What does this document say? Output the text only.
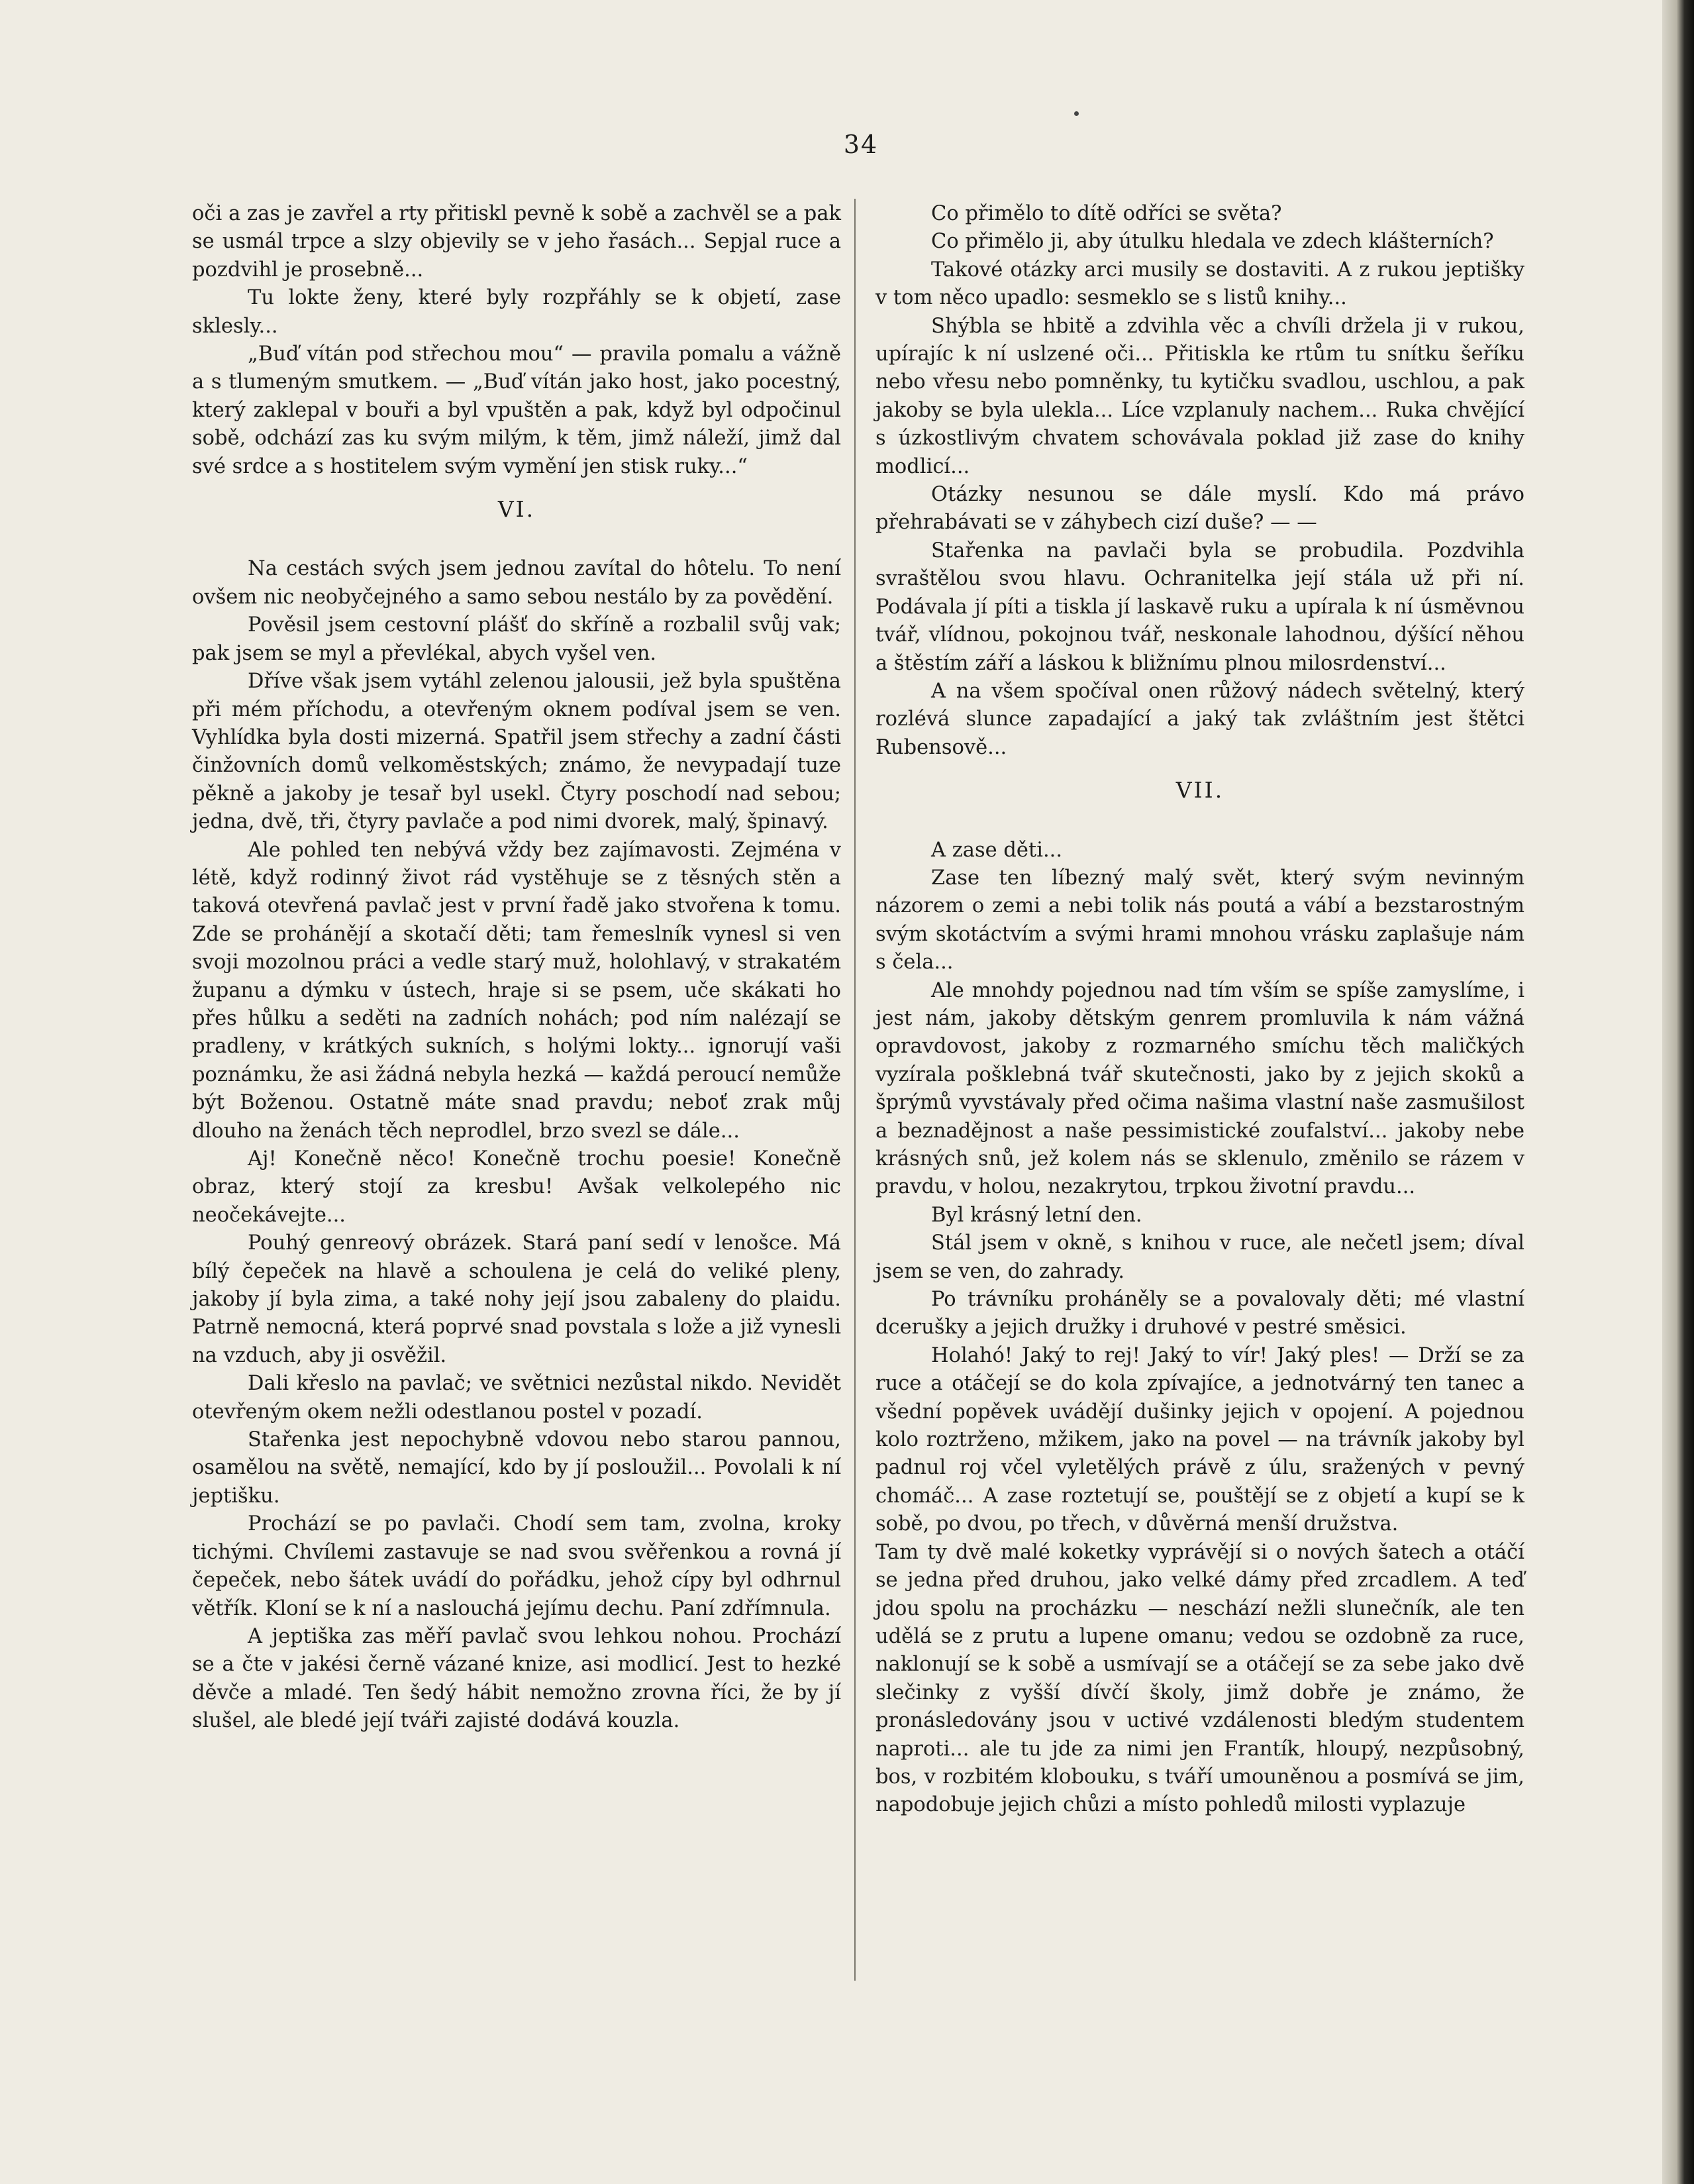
34

oči a zas je zavřel a rty přitiskl pevně k sobě a zachvěl se a pak se usmál trpce a slzy objevily se v jeho řasách... Sepjal ruce a pozdvihl je prosebně...

Tu lokte ženy, které byly rozpřáhly se k objetí, zase sklesly...

„Buď vítán pod střechou mou“ — pravila pomalu a vážně a s tlumeným smutkem. — „Buď vítán jako host, jako pocestný, který zaklepal v bouři a byl vpuštěn a pak, když byl odpočinul sobě, odchází zas ku svým milým, k těm, jimž náleží, jimž dal své srdce a s hostitelem svým vymění jen stisk ruky...“

VI.

Na cestách svých jsem jednou zavítal do hôtelu. To není ovšem nic neobyčejného a samo sebou nestálo by za povědění.

Pověsil jsem cestovní plášť do skříně a rozbalil svůj vak; pak jsem se myl a převlékal, abych vyšel ven.

Dříve však jsem vytáhl zelenou jalousii, jež byla spuštěna při mém příchodu, a otevřeným oknem podíval jsem se ven. Vyhlídka byla dosti mizerná. Spatřil jsem střechy a zadní části činžovních domů velkoměstských; známo, že nevypadají tuze pěkně a jakoby je tesař byl usekl. Čtyry poschodí nad sebou; jedna, dvě, tři, čtyry pavlače a pod nimi dvorek, malý, špinavý.

Ale pohled ten nebývá vždy bez zajímavosti. Zejména v létě, když rodinný život rád vystěhuje se z těsných stěn a taková otevřená pavlač jest v první řadě jako stvořena k tomu. Zde se prohánějí a skotačí děti; tam řemeslník vynesl si ven svoji mozolnou práci a vedle starý muž, holohlavý, v strakatém županu a dýmku v ústech, hraje si se psem, uče skákati ho přes hůlku a seděti na zadních nohách; pod ním nalézají se pradleny, v krátkých sukních, s holými lokty... ignorují vaši poznámku, že asi žádná nebyla hezká — každá peroucí nemůže být Boženou. Ostatně máte snad pravdu; neboť zrak můj dlouho na ženách těch neprodlel, brzo svezl se dále...

Aj! Konečně něco! Konečně trochu poesie! Konečně obraz, který stojí za kresbu! Avšak velkolepého nic neočekávejte...

Pouhý genreový obrázek. Stará paní sedí v lenošce. Má bílý čepeček na hlavě a schoulena je celá do veliké pleny, jakoby jí byla zima, a také nohy její jsou zabaleny do plaidu. Patrně nemocná, která poprvé snad povstala s lože a již vynesli na vzduch, aby ji osvěžil.

Dali křeslo na pavlač; ve světnici nezůstal nikdo. Nevidět otevřeným okem nežli odestlanou postel v pozadí.

Stařenka jest nepochybně vdovou nebo starou pannou, osamělou na světě, nemající, kdo by jí posloužil... Povolali k ní jeptišku.

Prochází se po pavlači. Chodí sem tam, zvolna, kroky tichými. Chvílemi zastavuje se nad svou svěřenkou a rovná jí čepeček, nebo šátek uvádí do pořádku, jehož cípy byl odhrnul větřík. Kloní se k ní a naslouchá jejímu dechu. Paní zdřímnula.

A jeptiška zas měří pavlač svou lehkou nohou. Prochází se a čte v jakési černě vázané knize, asi modlicí. Jest to hezké děvče a mladé. Ten šedý hábit nemožno zrovna říci, že by jí slušel, ale bledé její tváři zajisté dodává kouzla.

Co přimělo to dítě odříci se světa?

Co přimělo ji, aby útulku hledala ve zdech klášterních?

Takové otázky arci musily se dostaviti. A z rukou jeptišky v tom něco upadlo: sesmeklo se s listů knihy...

Shýbla se hbitě a zdvihla věc a chvíli držela ji v rukou, upírajíc k ní uslzené oči... Přitiskla ke rtům tu snítku šeříku nebo vřesu nebo pomněnky, tu kytičku svadlou, uschlou, a pak jakoby se byla ulekla... Líce vzplanuly nachem... Ruka chvějící s úzkostlivým chvatem schovávala poklad již zase do knihy modlicí...

Otázky nesunou se dále myslí. Kdo má právo přehrabávati se v záhybech cizí duše? — —

Stařenka na pavlači byla se probudila. Pozdvihla svraštělou svou hlavu. Ochranitelka její stála už při ní. Podávala jí píti a tiskla jí laskavě ruku a upírala k ní úsměvnou tvář, vlídnou, pokojnou tvář, neskonale lahodnou, dýšící něhou a štěstím září a láskou k bližnímu plnou milosrdenství...

A na všem spočíval onen růžový nádech světelný, který rozlévá slunce zapadající a jaký tak zvláštním jest štětci Rubensově...

VII.

A zase děti...

Zase ten líbezný malý svět, který svým nevinným názorem o zemi a nebi tolik nás poutá a vábí a bezstarostným svým skotáctvím a svými hrami mnohou vrásku zaplašuje nám s čela...

Ale mnohdy pojednou nad tím vším se spíše zamyslíme, i jest nám, jakoby dětským genrem promluvila k nám vážná opravdovost, jakoby z rozmarného smíchu těch maličkých vyzírala pošklebná tvář skutečnosti, jako by z jejich skoků a šprýmů vyvstávaly před očima našima vlastní naše zasmušilost a beznadějnost a naše pessimistické zoufalství... jakoby nebe krásných snů, jež kolem nás se sklenulo, změnilo se rázem v pravdu, v holou, nezakrytou, trpkou životní pravdu...

Byl krásný letní den.

Stál jsem v okně, s knihou v ruce, ale nečetl jsem; díval jsem se ven, do zahrady.

Po trávníku proháněly se a povalovaly děti; mé vlastní dcerušky a jejich družky i druhové v pestré směsici.

Holahó! Jaký to rej! Jaký to vír! Jaký ples! — Drží se za ruce a otáčejí se do kola zpívajíce, a jednotvárný ten tanec a všední popěvek uvádějí dušinky jejich v opojení. A pojednou kolo roztrženo, mžikem, jako na povel — na trávník jakoby byl padnul roj včel vyletělých právě z úlu, sražených v pevný chomáč... A zase roztetují se, pouštějí se z objetí a kupí se k sobě, po dvou, po třech, v důvěrná menší družstva.

Tam ty dvě malé koketky vyprávějí si o nových šatech a otáčí se jedna před druhou, jako velké dámy před zrcadlem. A teď jdou spolu na procházku — neschází nežli slunečník, ale ten udělá se z prutu a lupene omanu; vedou se ozdobně za ruce, naklonují se k sobě a usmívají se a otáčejí se za sebe jako dvě slečinky z vyšší dívčí školy, jimž dobře je známo, že pronásledovány jsou v uctivé vzdálenosti bledým studentem naproti... ale tu jde za nimi jen Frantík, hloupý, nezpůsobný, bos, v rozbitém klobouku, s tváří umouněnou a posmívá se jim, napodobuje jejich chůzi a místo pohledů milosti vyplazuje
